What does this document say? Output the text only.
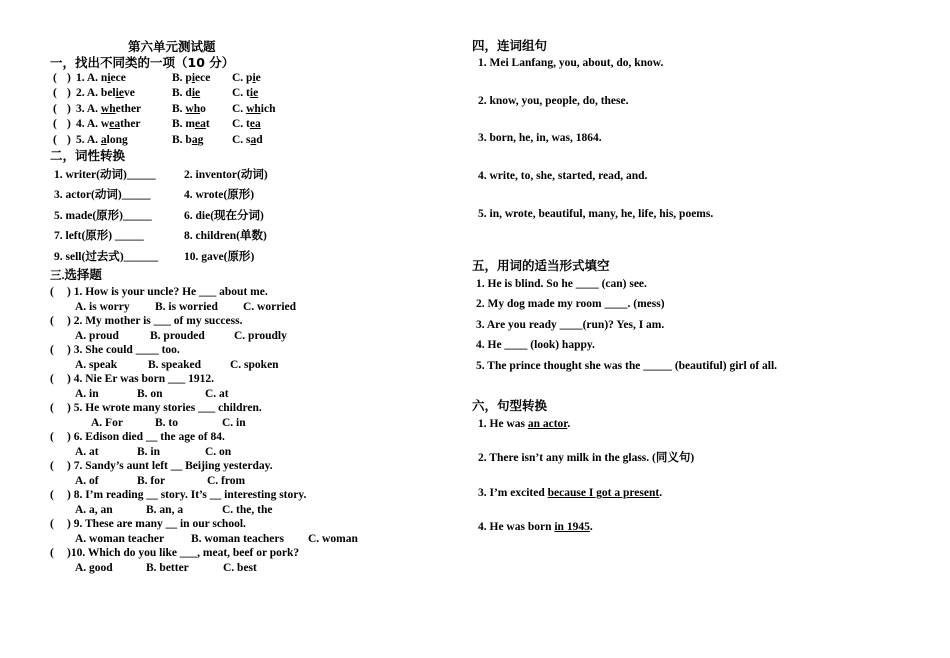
第六单元测试题
一，找出不同类的一项（10 分）
( ) 1. A. niece	B. piece C. pie
( ) 2. A. believe	B. die	C. tie
( ) 3. A. whether	B. who C. which
( ) 4. A. weather	B. meat C. tea
( ) 5. A. along	B. bag C. sad
二，词性转换
1. writer(动词)_____ 2. inventor(动词)
3. actor(动词)_____	4. wrote(原形)
5. made(原形)_____	6. die(现在分词)
7. left(原形) _____	8. children(单数)
9. sell(过去式)______ 10. gave(原形)
三.选择题
( ) 1. How is your uncle? He ___ about me.
A. is worry B. is worried C. worried
( ) 2. My mother is ___ of my success.
A. proud	B. prouded	C. proudly
( ) 3. She could ____ too.
A. speak	B. speaked	C. spoken
( ) 4. Nie Er was born ___ 1912.
A. in	B. on	C. at
( ) 5. He wrote many stories ___ children.
A. For	B. to	C. in
( ) 6. Edison died __ the age of 84.
A. at	B. in	C. on
( ) 7. Sandy’s aunt left __ Beijing yesterday.
A. of	B. for	C. from
( ) 8. I’m reading __ story. It’s __ interesting story.
A. a, an	B. an, a	C. the, the
( ) 9. These are many __ in our school.
A. woman teacher B. woman teachers C. woman
( )10. Which do you like ___, meat, beef or pork?
A. good	B. better	C. best
四，连词组句
1. Mei Lanfang, you, about, do, know.
2. know, you, people, do, these.
3. born, he, in, was, 1864.
4. write, to, she, started, read, and.
5. in, wrote, beautiful, many, he, life, his, poems.
五，用词的适当形式填空
1. He is blind. So he ____ (can) see.
2. My dog made my room ____. (mess)
3. Are you ready ____(run)? Yes, I am.
4. He ____ (look) happy.
5. The prince thought she was the _____ (beautiful) girl of all.
六，句型转换
1. He was an actor.
2. There isn’t any milk in the glass. (同义句)
3. I’m excited because I got a present.
4. He was born in 1945.
